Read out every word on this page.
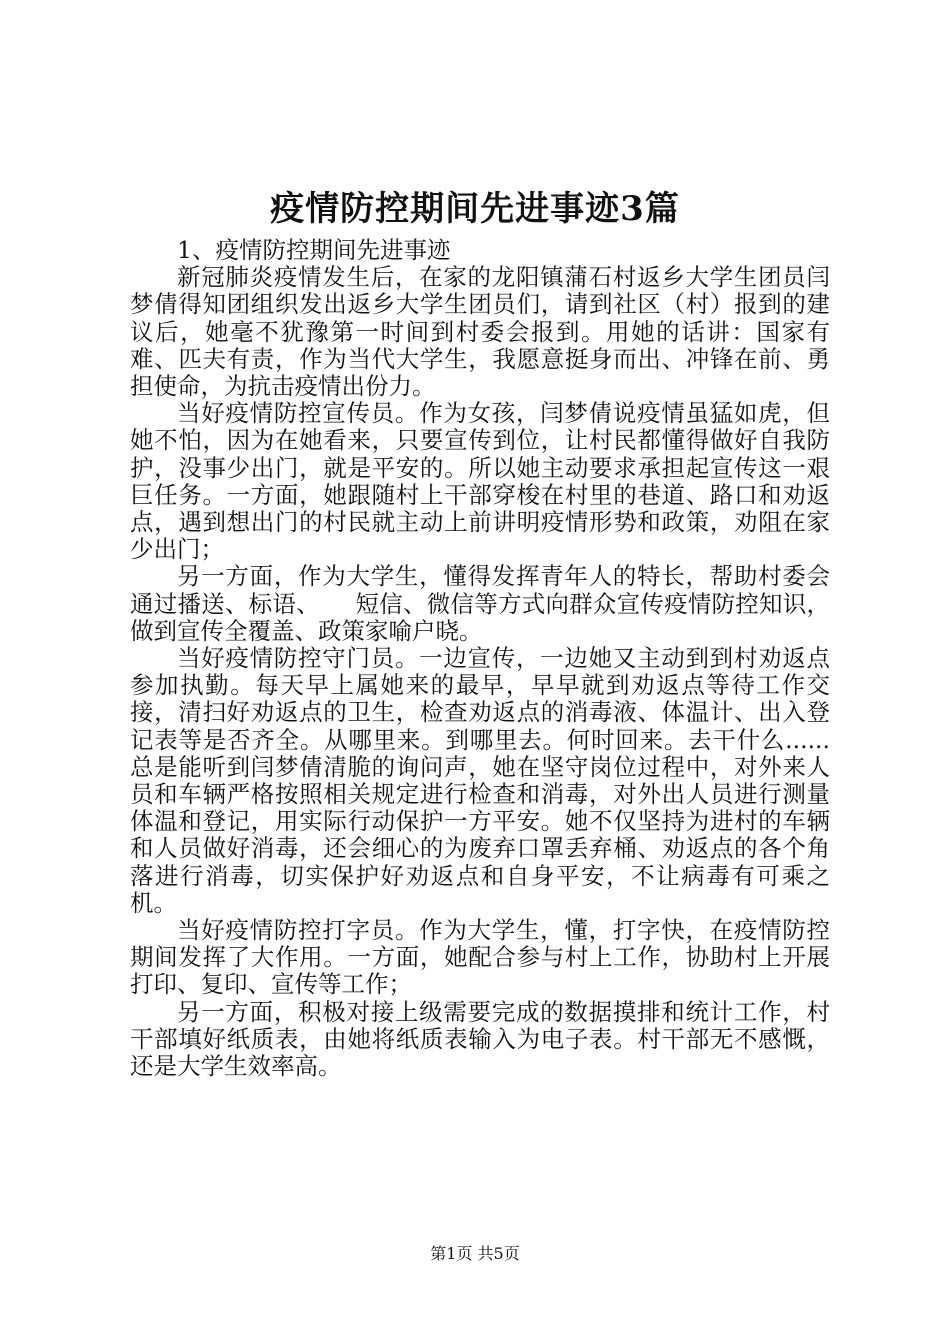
疫情防控期间先进事迹3篇

1、疫情防控期间先进事迹

新冠肺炎疫情发生后，在家的龙阳镇蒲石村返乡大学生团员闫梦倩得知团组织发出返乡大学生团员们，请到社区（村）报到的建议后，她毫不犹豫第一时间到村委会报到。用她的话讲：国家有难、匹夫有责，作为当代大学生，我愿意挺身而出、冲锋在前、勇担使命，为抗击疫情出份力。

当好疫情防控宣传员。作为女孩，闫梦倩说疫情虽猛如虎，但她不怕，因为在她看来，只要宣传到位，让村民都懂得做好自我防护，没事少出门，就是平安的。所以她主动要求承担起宣传这一艰巨任务。一方面，她跟随村上干部穿梭在村里的巷道、路口和劝返点，遇到想出门的村民就主动上前讲明疫情形势和政策，劝阻在家少出门；

另一方面，作为大学生，懂得发挥青年人的特长，帮助村委会通过播送、标语、　　短信、微信等方式向群众宣传疫情防控知识，做到宣传全覆盖、政策家喻户晓。

当好疫情防控守门员。一边宣传，一边她又主动到到村劝返点参加执勤。每天早上属她来的最早，早早就到劝返点等待工作交接，清扫好劝返点的卫生，检查劝返点的消毒液、体温计、出入登记表等是否齐全。从哪里来。到哪里去。何时回来。去干什么......总是能听到闫梦倩清脆的询问声，她在坚守岗位过程中，对外来人员和车辆严格按照相关规定进行检查和消毒，对外出人员进行测量体温和登记，用实际行动保护一方平安。她不仅坚持为进村的车辆和人员做好消毒，还会细心的为废弃口罩丢弃桶、劝返点的各个角落进行消毒，切实保护好劝返点和自身平安，不让病毒有可乘之机。

当好疫情防控打字员。作为大学生，懂，打字快，在疫情防控期间发挥了大作用。一方面，她配合参与村上工作，协助村上开展打印、复印、宣传等工作；

另一方面，积极对接上级需要完成的数据摸排和统计工作，村干部填好纸质表，由她将纸质表输入为电子表。村干部无不感慨，还是大学生效率高。

第1页 共5页
